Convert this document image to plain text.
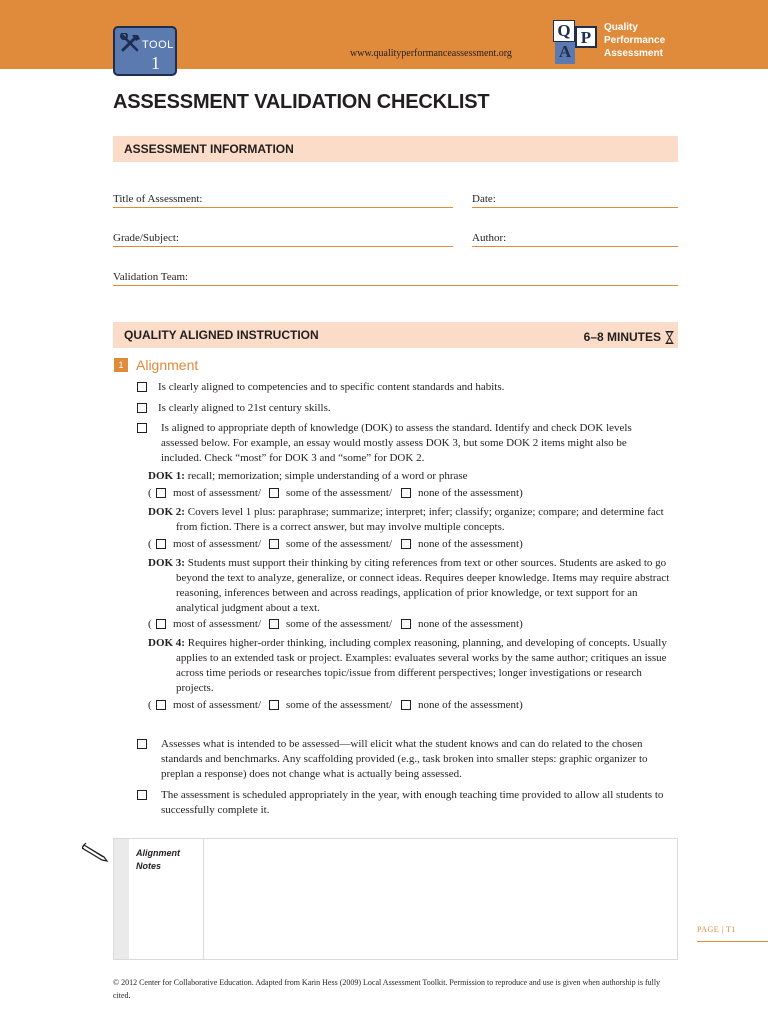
TOOL
1	www.qualityperformanceassessment.org
Q P
A
Quality
Performance
Assessment
ASSESSMENT VALIDATION CHECKLIST
ASSESSMENT INFORMATION
Title of Assessment:	Date:
Grade/Subject:	Author:
Validation Team:
QUALITY ALIGNED INSTRUCTION	6–8 MINUTES
1 Alignment
Is clearly aligned to competencies and to specific content standards and habits.
Is clearly aligned to 21st century skills.
Is aligned to appropriate depth of knowledge (DOK) to assess the standard. Identify and check DOK levels assessed below. For example, an essay would mostly assess DOK 3, but some DOK 2 items might also be included. Check “most” for DOK 3 and “some” for DOK 2.
DOK 1: recall; memorization; simple understanding of a word or phrase
( most of assessment/ some of the assessment/ none of the assessment)
DOK 2: Covers level 1 plus: paraphrase; summarize; interpret; infer; classify; organize; compare; and determine fact from fiction. There is a correct answer, but may involve multiple concepts.
( most of assessment/ some of the assessment/ none of the assessment)
DOK 3: Students must support their thinking by citing references from text or other sources. Students are asked to go beyond the text to analyze, generalize, or connect ideas. Requires deeper knowledge. Items may require abstract reasoning, inferences between and across readings, application of prior knowledge, or text support for an analytical judgment about a text.
( most of assessment/ some of the assessment/ none of the assessment)
DOK 4: Requires higher-order thinking, including complex reasoning, planning, and developing of concepts. Usually applies to an extended task or project. Examples: evaluates several works by the same author; critiques an issue across time periods or researches topic/issue from different perspectives; longer investigations or research projects.
( most of assessment/ some of the assessment/ none of the assessment)
Assesses what is intended to be assessed—will elicit what the student knows and can do related to the chosen standards and benchmarks. Any scaffolding provided (e.g., task broken into smaller steps: graphic organizer to preplan a response) does not change what is actually being assessed.
The assessment is scheduled appropriately in the year, with enough teaching time provided to allow all students to successfully complete it.
Alignment
Notes
PAGE | T1
© 2012 Center for Collaborative Education. Adapted from Karin Hess (2009) Local Assessment Toolkit. Permission to reproduce and use is given when authorship is fully cited.
